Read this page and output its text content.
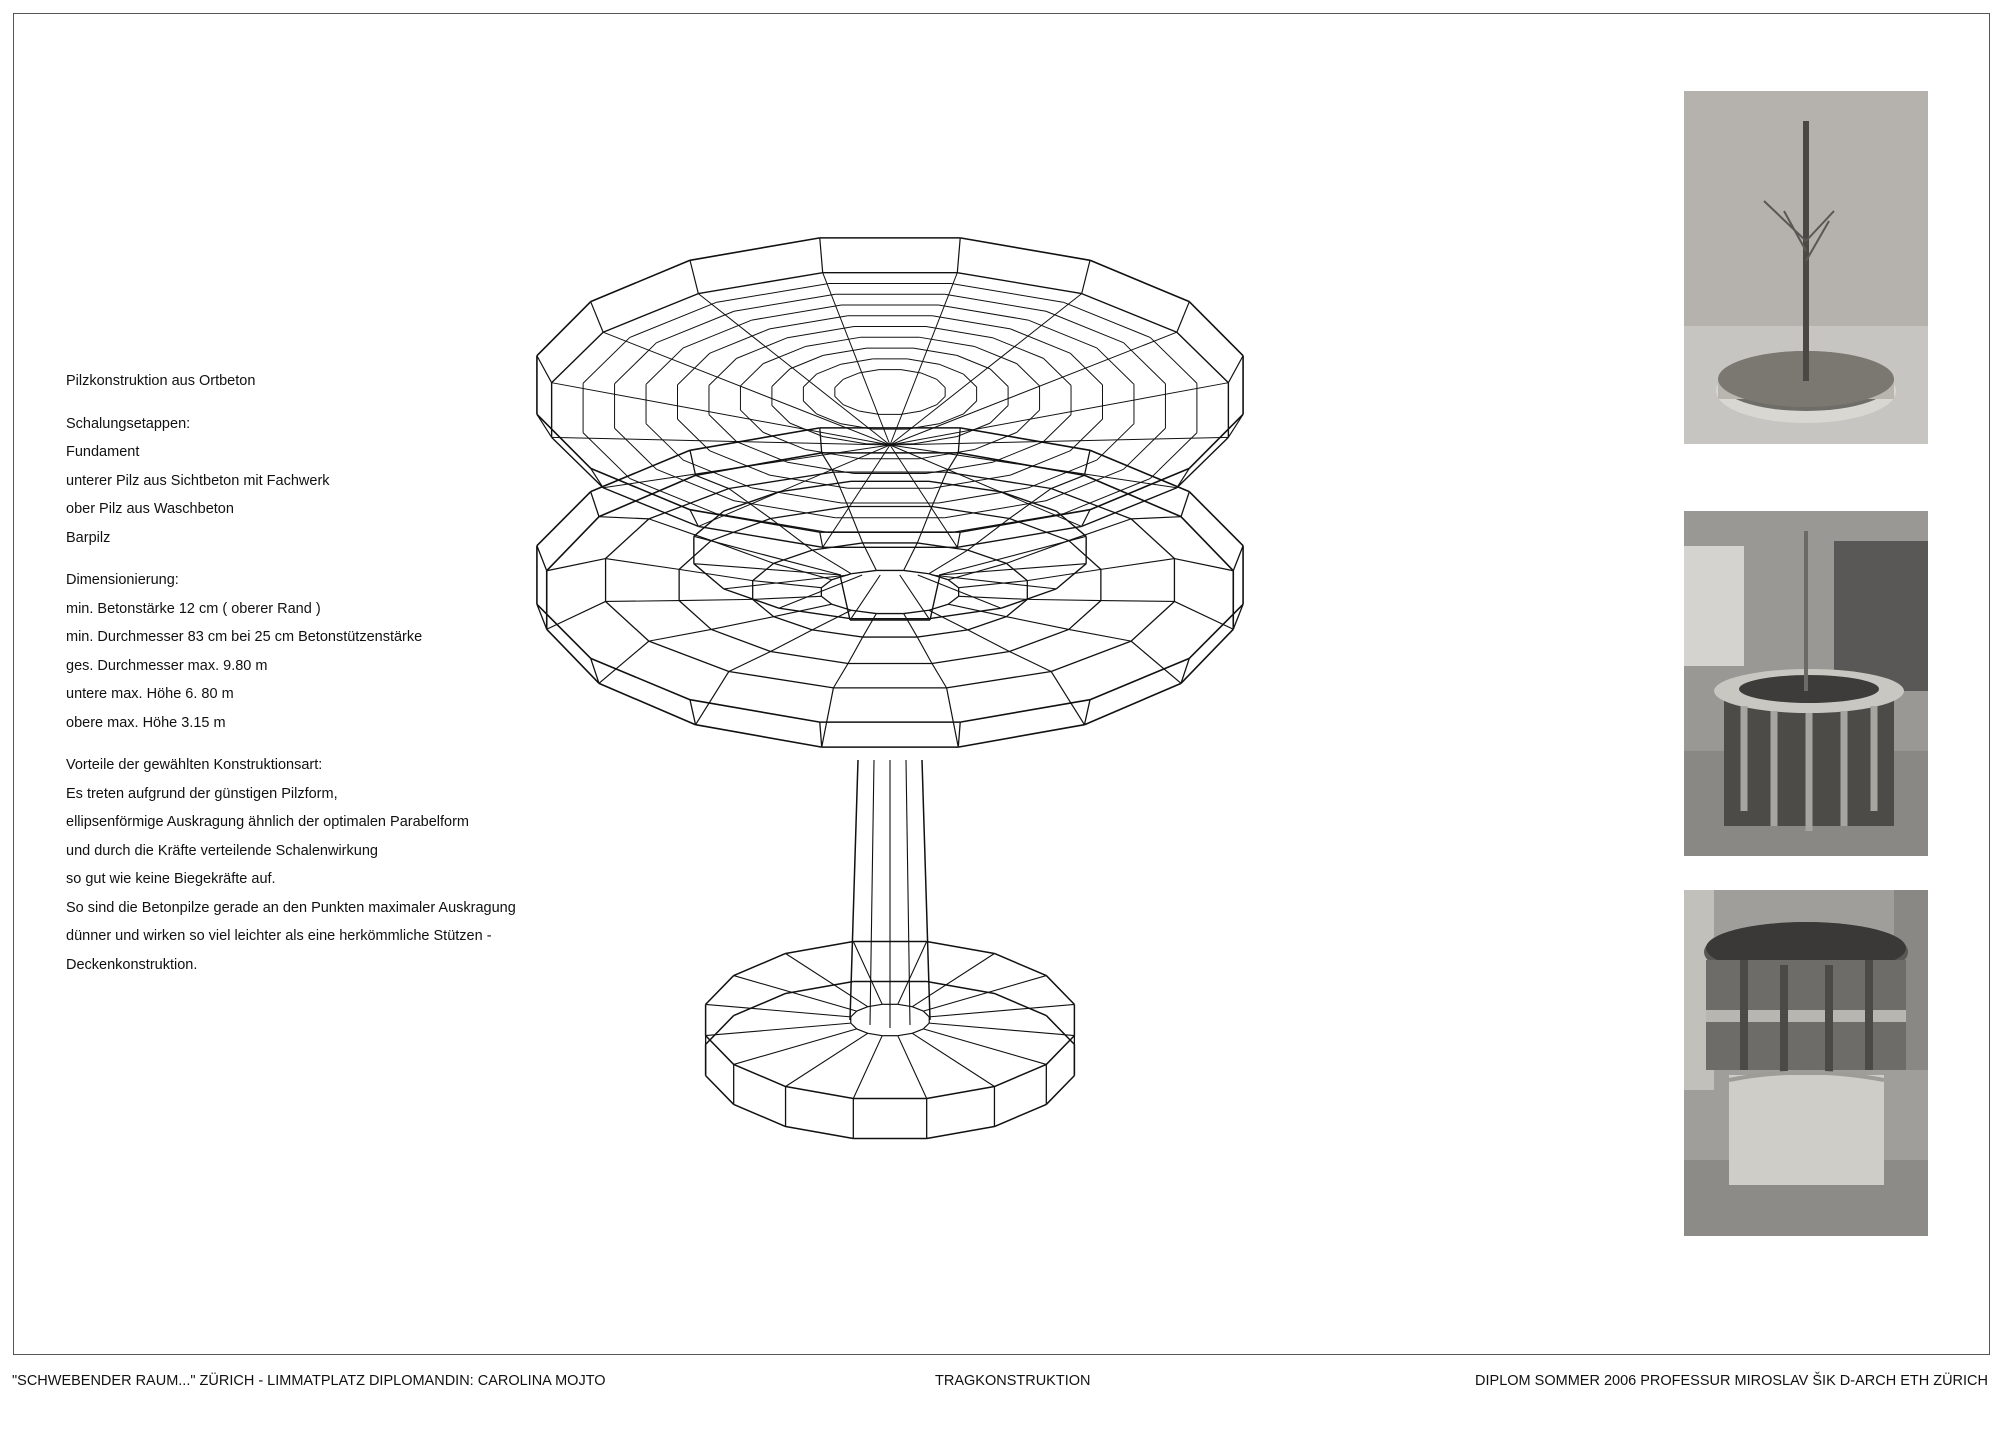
Pilzkonstruktion aus Ortbeton
Schalungsetappen:
Fundament
unterer Pilz aus Sichtbeton mit Fachwerk
ober Pilz aus Waschbeton
Barpilz
Dimensionierung:
min. Betonstärke 12 cm ( oberer Rand )
min. Durchmesser 83 cm bei 25 cm Betonstützenstärke
ges. Durchmesser max. 9.80 m
untere max. Höhe 6. 80 m
obere max. Höhe 3.15 m
Vorteile der gewählten Konstruktionsart:
Es treten aufgrund der günstigen Pilzform,
ellipsenförmige Auskragung ähnlich der optimalen Parabelform
und durch die Kräfte verteilende Schalenwirkung
so gut wie keine Biegekräfte auf.
So sind die Betonpilze gerade an den Punkten maximaler Auskragung
dünner und wirken so viel leichter als eine herkömmliche Stützen -
Deckenkonstruktion.
"SCHWEBENDER RAUM..." ZÜRICH - LIMMATPLATZ DIPLOMANDIN: CAROLINA MOJTO	TRAGKONSTRUKTION	DIPLOM SOMMER 2006 PROFESSUR MIROSLAV ŠIK D-ARCH ETH ZÜRICH
